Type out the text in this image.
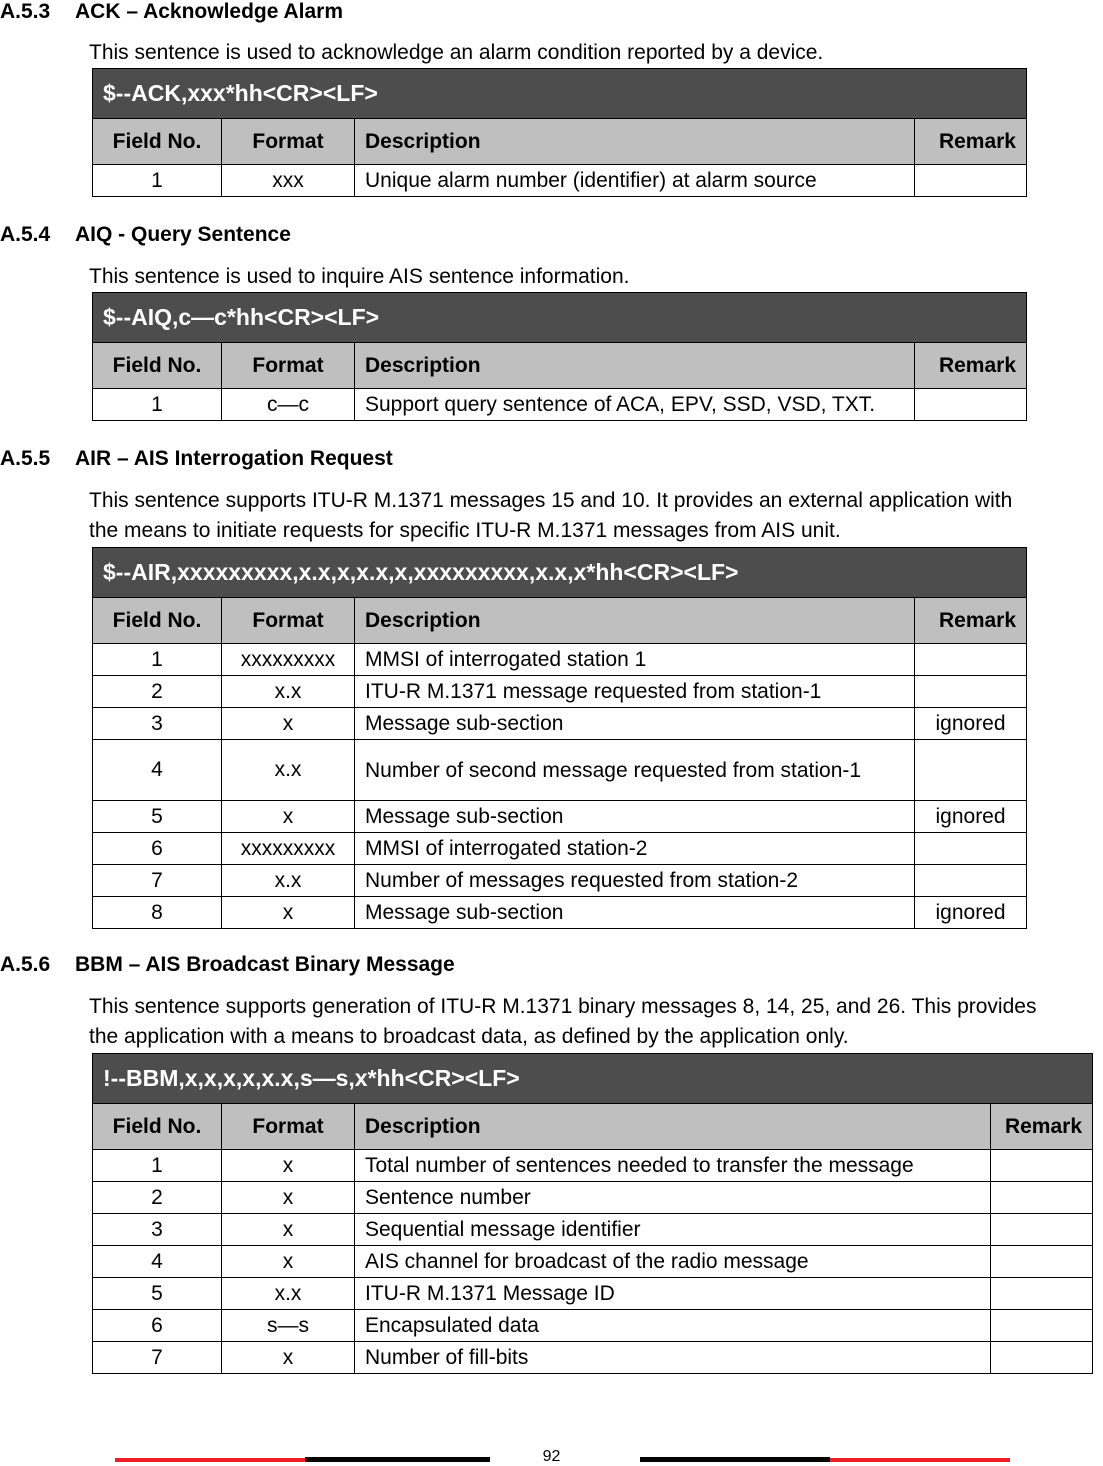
A.5.3 ACK – Acknowledge Alarm
This sentence is used to acknowledge an alarm condition reported by a device.
$--ACK,xxx*hh<CR><LF>			
Field No.	Format	Description	Remark
1	xxx	Unique alarm number (identifier) at alarm source	
A.5.4 AIQ - Query Sentence
This sentence is used to inquire AIS sentence information.
$--AIQ,c—c*hh<CR><LF>			
Field No.	Format	Description	Remark
1	c—c	Support query sentence of ACA, EPV, SSD, VSD, TXT.	
A.5.5 AIR – AIS Interrogation Request
This sentence supports ITU-R M.1371 messages 15 and 10. It provides an external application with
the means to initiate requests for specific ITU-R M.1371 messages from AIS unit.
$--AIR,xxxxxxxxx,x.x,x,x.x,x,xxxxxxxxx,x.x,x*hh<CR><LF>			
Field No.	Format	Description	Remark
1	xxxxxxxxx	MMSI of interrogated station 1	
2	x.x	ITU-R M.1371 message requested from station-1	
3	x	Message sub-section	ignored
4	x.x	Number of second message requested from station-1	
5	x	Message sub-section	ignored
6	xxxxxxxxx	MMSI of interrogated station-2	
7	x.x	Number of messages requested from station-2	
8	x	Message sub-section	ignored
A.5.6 BBM – AIS Broadcast Binary Message
This sentence supports generation of ITU-R M.1371 binary messages 8, 14, 25, and 26. This provides
the application with a means to broadcast data, as defined by the application only.
!--BBM,x,x,x,x,x.x,s—s,x*hh<CR><LF>			
Field No.	Format	Description	Remark
1	x	Total number of sentences needed to transfer the message	
2	x	Sentence number	
3	x	Sequential message identifier	
4	x	AIS channel for broadcast of the radio message	
5	x.x	ITU-R M.1371 Message ID	
6	s—s	Encapsulated data	
7	x	Number of fill-bits	
92
